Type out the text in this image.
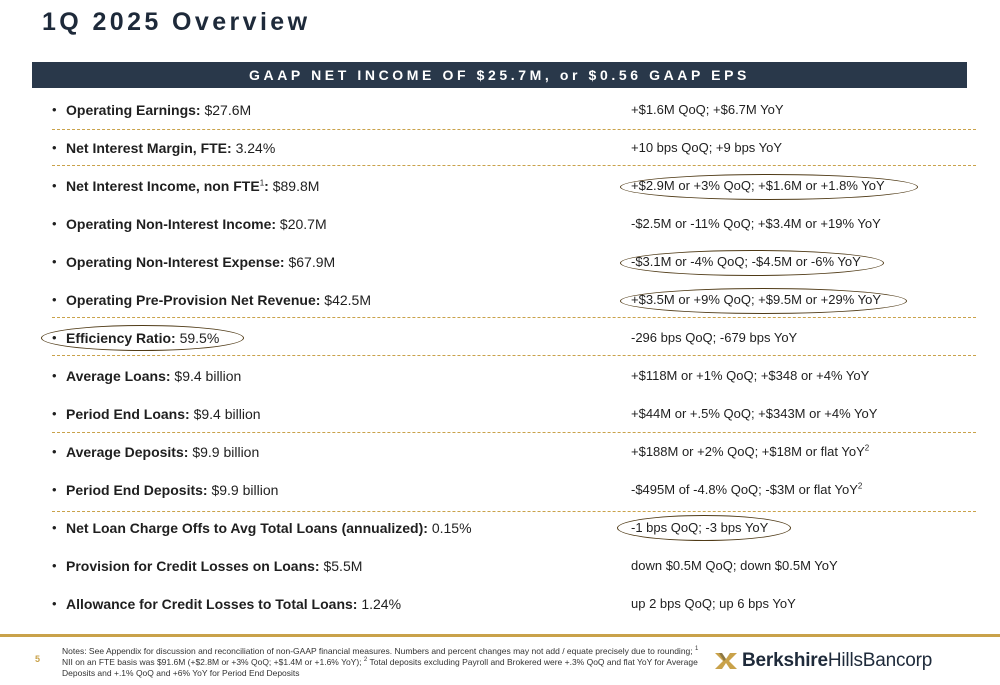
1Q 2025 Overview
GAAP NET INCOME OF $25.7M, or $0.56 GAAP EPS
• Operating Earnings: $27.6M	+$1.6M QoQ; +$6.7M YoY
• Net Interest Margin, FTE: 3.24%	+10 bps QoQ; +9 bps YoY
• Net Interest Income, non FTE$^1$: $89.8M	+$2.9M or +3% QoQ; +$1.6M or +1.8% YoY
• Operating Non-Interest Income: $20.7M	-$2.5M or -11% QoQ; +$3.4M or +19% YoY
• Operating Non-Interest Expense: $67.9M	-$3.1M or -4% QoQ; -$4.5M or -6% YoY
• Operating Pre-Provision Net Revenue: $42.5M	+$3.5M or +9% QoQ; +$9.5M or +29% YoY
• Efficiency Ratio: 59.5%	-296 bps QoQ; -679 bps YoY
• Average Loans: $9.4 billion	+$118M or +1% QoQ; +$348 or +4% YoY
• Period End Loans: $9.4 billion	+$44M or +.5% QoQ; +$343M or +4% YoY
• Average Deposits: $9.9 billion	+$188M or +2% QoQ; +$18M or flat YoY$^2$
• Period End Deposits: $9.9 billion	-$495M of -4.8% QoQ; -$3M or flat YoY$^2$
• Net Loan Charge Offs to Avg Total Loans (annualized): 0.15%	-1 bps QoQ; -3 bps YoY
• Provision for Credit Losses on Loans: $5.5M	down $0.5M QoQ; down $0.5M YoY
• Allowance for Credit Losses to Total Loans: 1.24%	up 2 bps QoQ; up 6 bps YoY
5
Notes: See Appendix for discussion and reconciliation of non-GAAP financial measures. Numbers and percent changes may not add / equate precisely due to rounding; $^1$ NII on an FTE basis was $91.6M (+$2.8M or +3% QoQ; +$1.4M or +1.6% YoY); $^2$ Total deposits excluding Payroll and Brokered were +.3% QoQ and flat YoY for Average Deposits and +.1% QoQ and +6% YoY for Period End Deposits
Berkshire HillsBancorp
